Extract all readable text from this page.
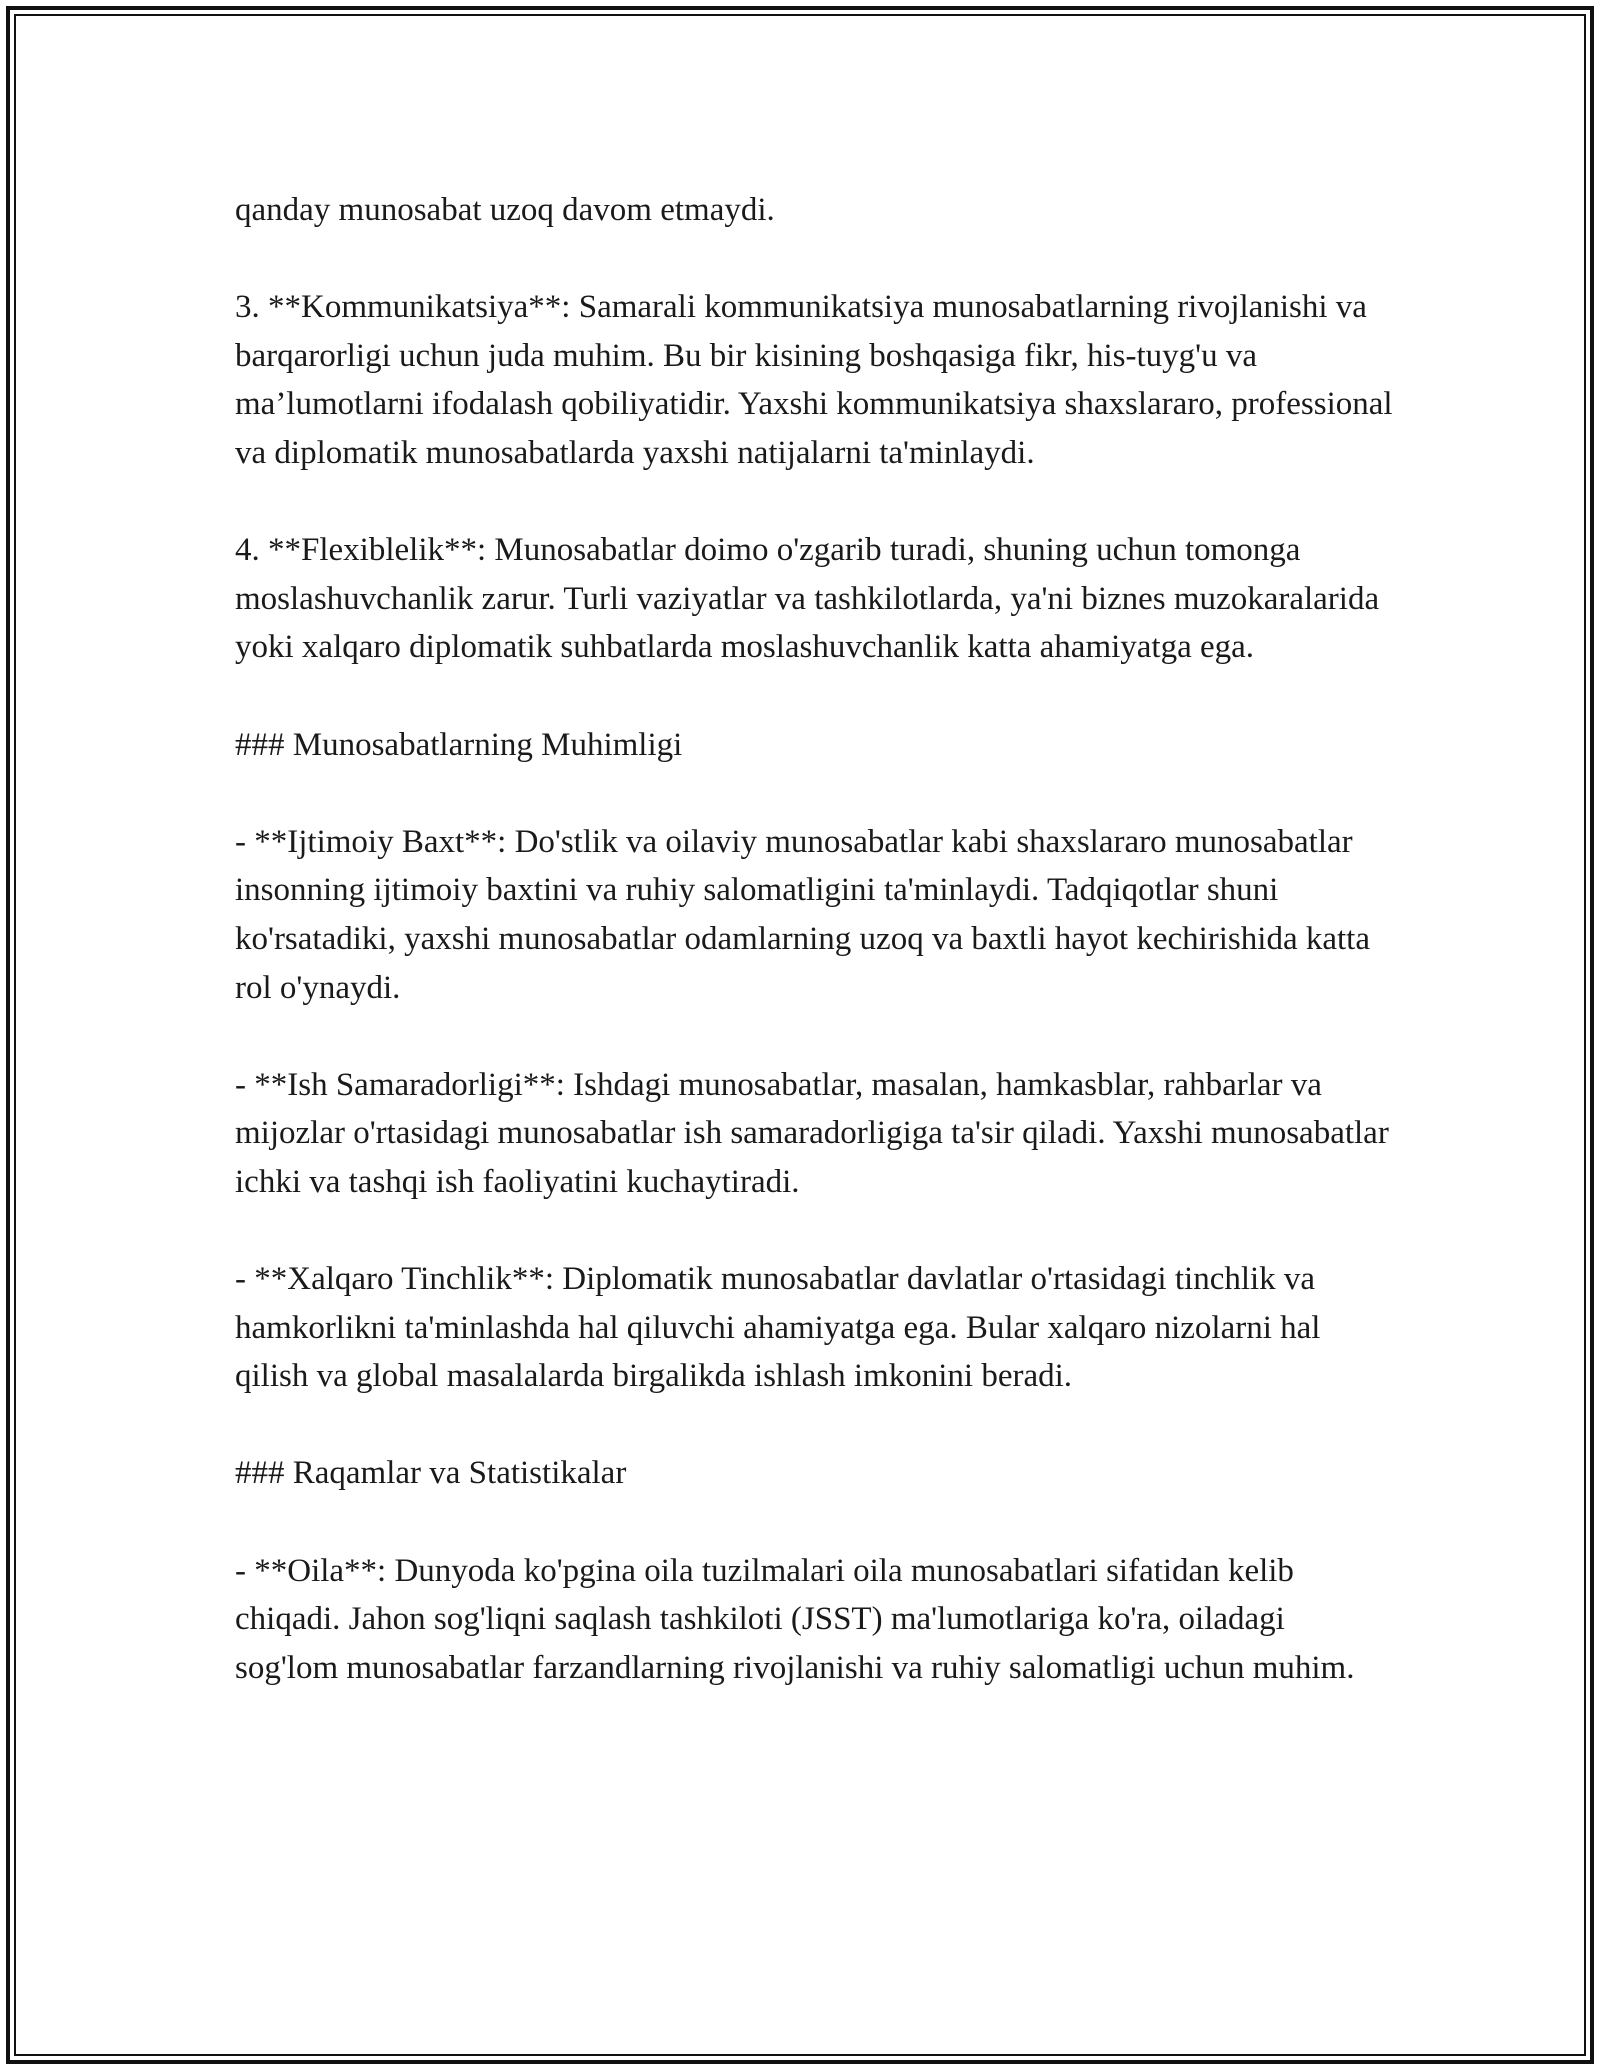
qanday munosabat uzoq davom etmaydi.

3. **Kommunikatsiya**: Samarali kommunikatsiya munosabatlarning rivojlanishi va barqarorligi uchun juda muhim. Bu bir kisining boshqasiga fikr, his-tuyg'u va ma’lumotlarni ifodalash qobiliyatidir. Yaxshi kommunikatsiya shaxslararo, professional va diplomatik munosabatlarda yaxshi natijalarni ta'minlaydi.

4. **Flexiblelik**: Munosabatlar doimo o'zgarib turadi, shuning uchun tomonga moslashuvchanlik zarur. Turli vaziyatlar va tashkilotlarda, ya'ni biznes muzokaralarida yoki xalqaro diplomatik suhbatlarda moslashuvchanlik katta ahamiyatga ega.

### Munosabatlarning Muhimligi

- **Ijtimoiy Baxt**: Do'stlik va oilaviy munosabatlar kabi shaxslararo munosabatlar insonning ijtimoiy baxtini va ruhiy salomatligini ta'minlaydi. Tadqiqotlar shuni ko'rsatadiki, yaxshi munosabatlar odamlarning uzoq va baxtli hayot kechirishida katta rol o'ynaydi.

- **Ish Samaradorligi**: Ishdagi munosabatlar, masalan, hamkasblar, rahbarlar va mijozlar o'rtasidagi munosabatlar ish samaradorligiga ta'sir qiladi. Yaxshi munosabatlar ichki va tashqi ish faoliyatini kuchaytiradi.

- **Xalqaro Tinchlik**: Diplomatik munosabatlar davlatlar o'rtasidagi tinchlik va hamkorlikni ta'minlashda hal qiluvchi ahamiyatga ega. Bular xalqaro nizolarni hal qilish va global masalalarda birgalikda ishlash imkonini beradi.

### Raqamlar va Statistikalar

- **Oila**: Dunyoda ko'pgina oila tuzilmalari oila munosabatlari sifatidan kelib chiqadi. Jahon sog'liqni saqlash tashkiloti (JSST) ma'lumotlariga ko'ra, oiladagi sog'lom munosabatlar farzandlarning rivojlanishi va ruhiy salomatligi uchun muhim.
